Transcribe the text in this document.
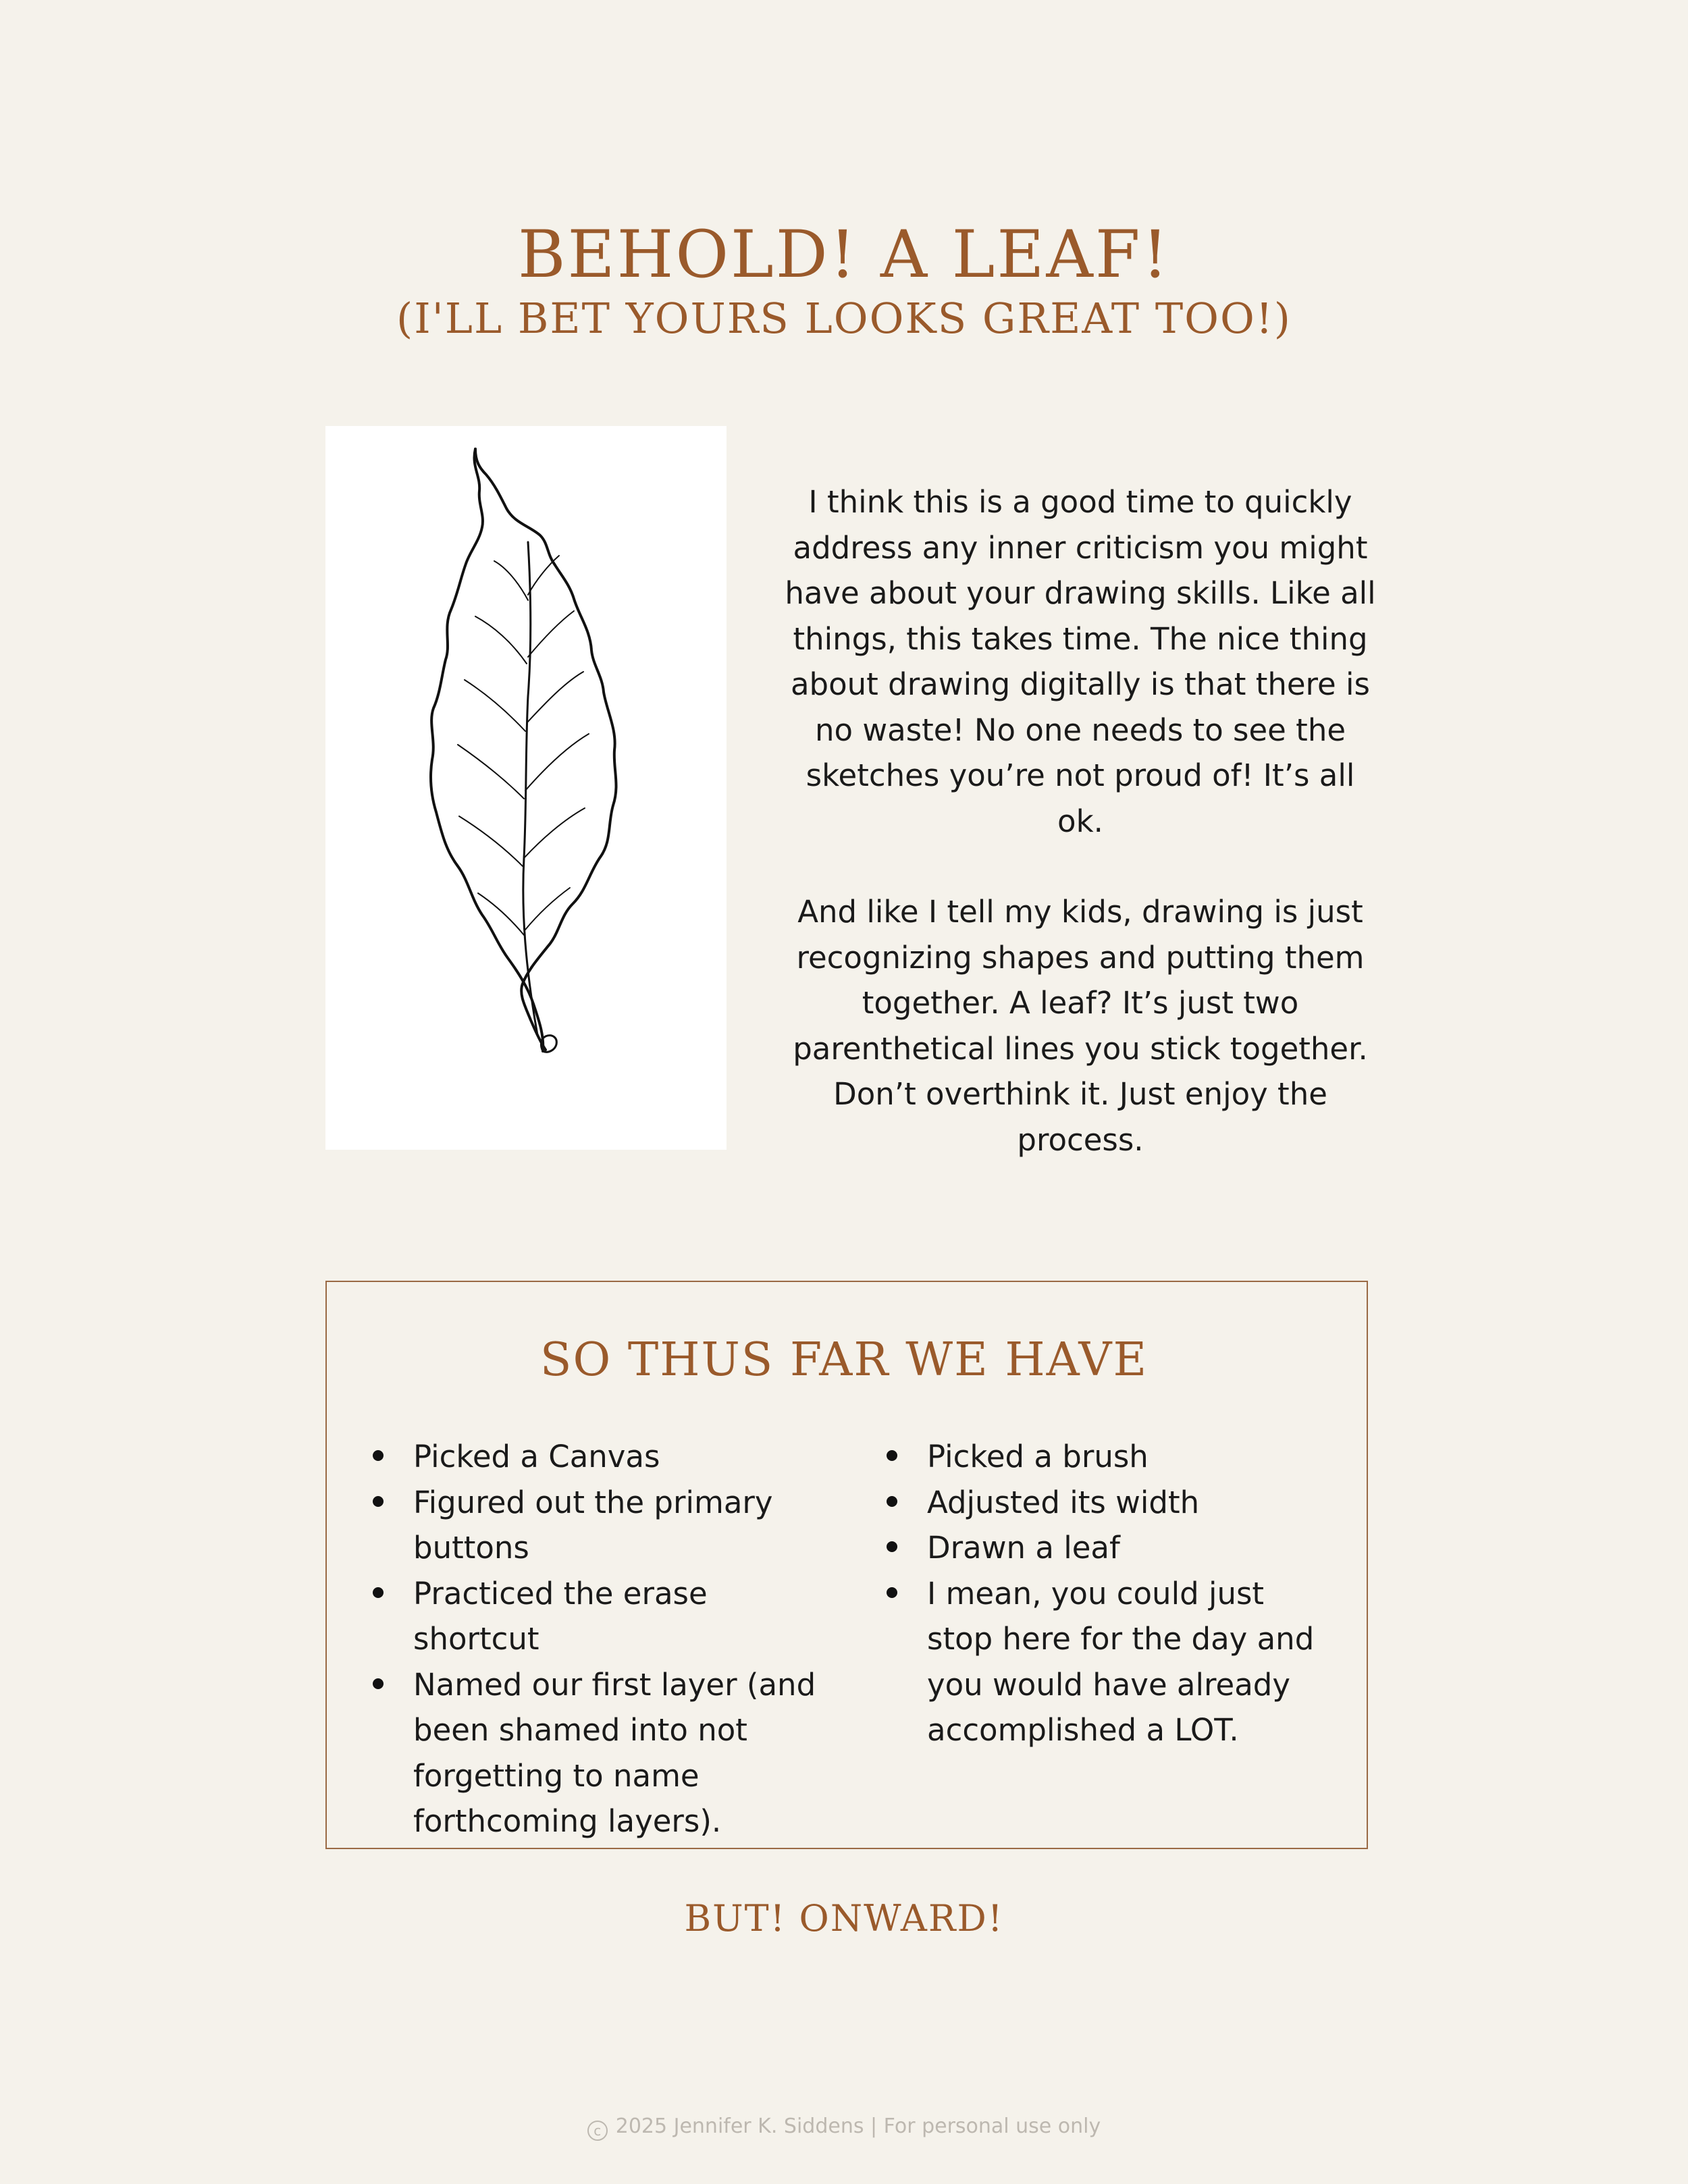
BEHOLD! A LEAF!
(I'LL BET YOURS LOOKS GREAT TOO!)

I think this is a good time to quickly address any inner criticism you might have about your drawing skills. Like all things, this takes time. The nice thing about drawing digitally is that there is no waste! No one needs to see the sketches you’re not proud of! It’s all ok.

And like I tell my kids, drawing is just recognizing shapes and putting them together. A leaf? It’s just two parenthetical lines you stick together. Don’t overthink it. Just enjoy the process.

SO THUS FAR WE HAVE
Picked a Canvas
Figured out the primary buttons
Practiced the erase shortcut
Named our first layer (and been shamed into not forgetting to name forthcoming layers).
Picked a brush
Adjusted its width
Drawn a leaf
I mean, you could just stop here for the day and you would have already accomplished a LOT.
BUT! ONWARD!
c 2025 Jennifer K. Siddens | For personal use only
